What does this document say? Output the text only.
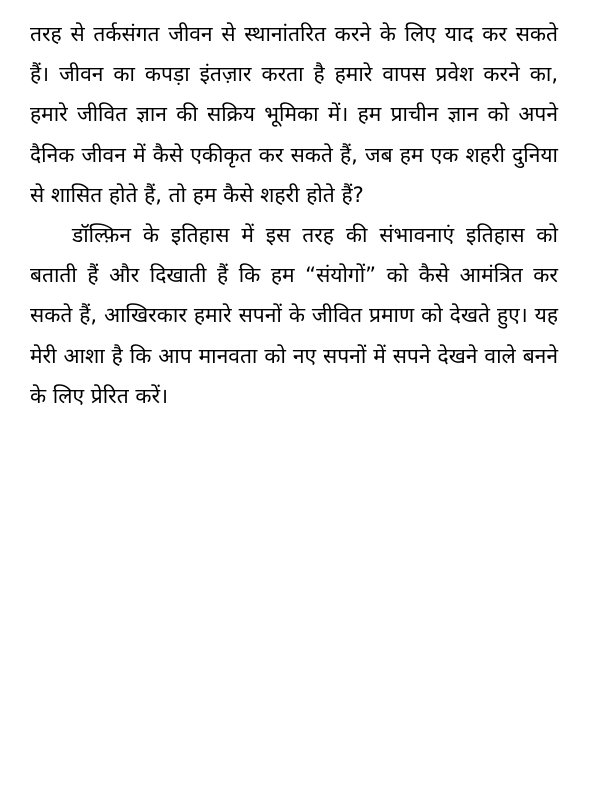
तरह से तर्कसंगत जीवन से स्थानांतरित करने के लिए याद कर सकते हैं। जीवन का कपड़ा इंतज़ार करता है हमारे वापस प्रवेश करने का, हमारे जीवित ज्ञान की सक्रिय भूमिका में। हम प्राचीन ज्ञान को अपने दैनिक जीवन में कैसे एकीकृत कर सकते हैं, जब हम एक शहरी दुनिया से शासित होते हैं, तो हम कैसे शहरी होते हैं?

डॉल्फ़िन के इतिहास में इस तरह की संभावनाएं इतिहास को बताती हैं और दिखाती हैं कि हम “संयोगों” को कैसे आमंत्रित कर सकते हैं, आखिरकार हमारे सपनों के जीवित प्रमाण को देखते हुए। यह मेरी आशा है कि आप मानवता को नए सपनों में सपने देखने वाले बनने के लिए प्रेरित करें।
